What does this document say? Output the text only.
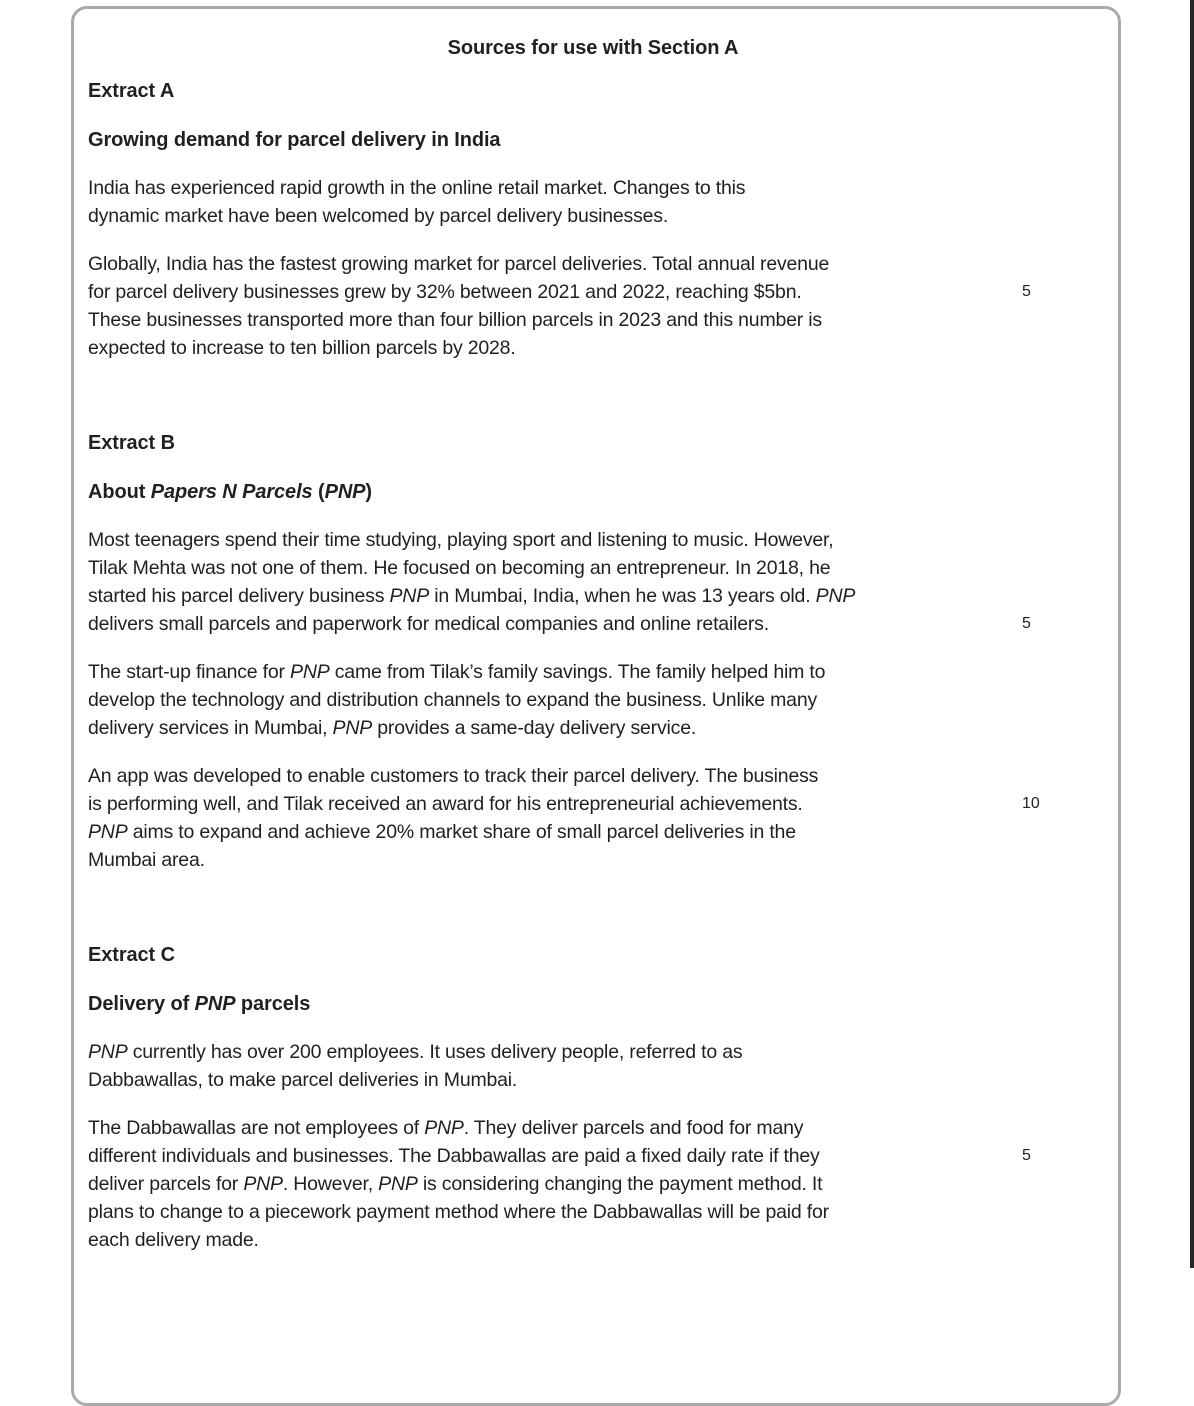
Sources for use with Section A
Extract A
Growing demand for parcel delivery in India
India has experienced rapid growth in the online retail market. Changes to this
dynamic market have been welcomed by parcel delivery businesses.
Globally, India has the fastest growing market for parcel deliveries. Total annual revenue
for parcel delivery businesses grew by 32% between 2021 and 2022, reaching $5bn.	5
These businesses transported more than four billion parcels in 2023 and this number is
expected to increase to ten billion parcels by 2028.
Extract B
About Papers N Parcels (PNP)
Most teenagers spend their time studying, playing sport and listening to music. However,
Tilak Mehta was not one of them. He focused on becoming an entrepreneur. In 2018, he
started his parcel delivery business PNP in Mumbai, India, when he was 13 years old. PNP
delivers small parcels and paperwork for medical companies and online retailers.	5
The start-up finance for PNP came from Tilak’s family savings. The family helped him to
develop the technology and distribution channels to expand the business. Unlike many
delivery services in Mumbai, PNP provides a same-day delivery service.
An app was developed to enable customers to track their parcel delivery. The business
is performing well, and Tilak received an award for his entrepreneurial achievements.	10
PNP aims to expand and achieve 20% market share of small parcel deliveries in the
Mumbai area.
Extract C
Delivery of PNP parcels
PNP currently has over 200 employees. It uses delivery people, referred to as
Dabbawallas, to make parcel deliveries in Mumbai.
The Dabbawallas are not employees of PNP. They deliver parcels and food for many
different individuals and businesses. The Dabbawallas are paid a fixed daily rate if they	5
deliver parcels for PNP. However, PNP is considering changing the payment method. It
plans to change to a piecework payment method where the Dabbawallas will be paid for
each delivery made.
